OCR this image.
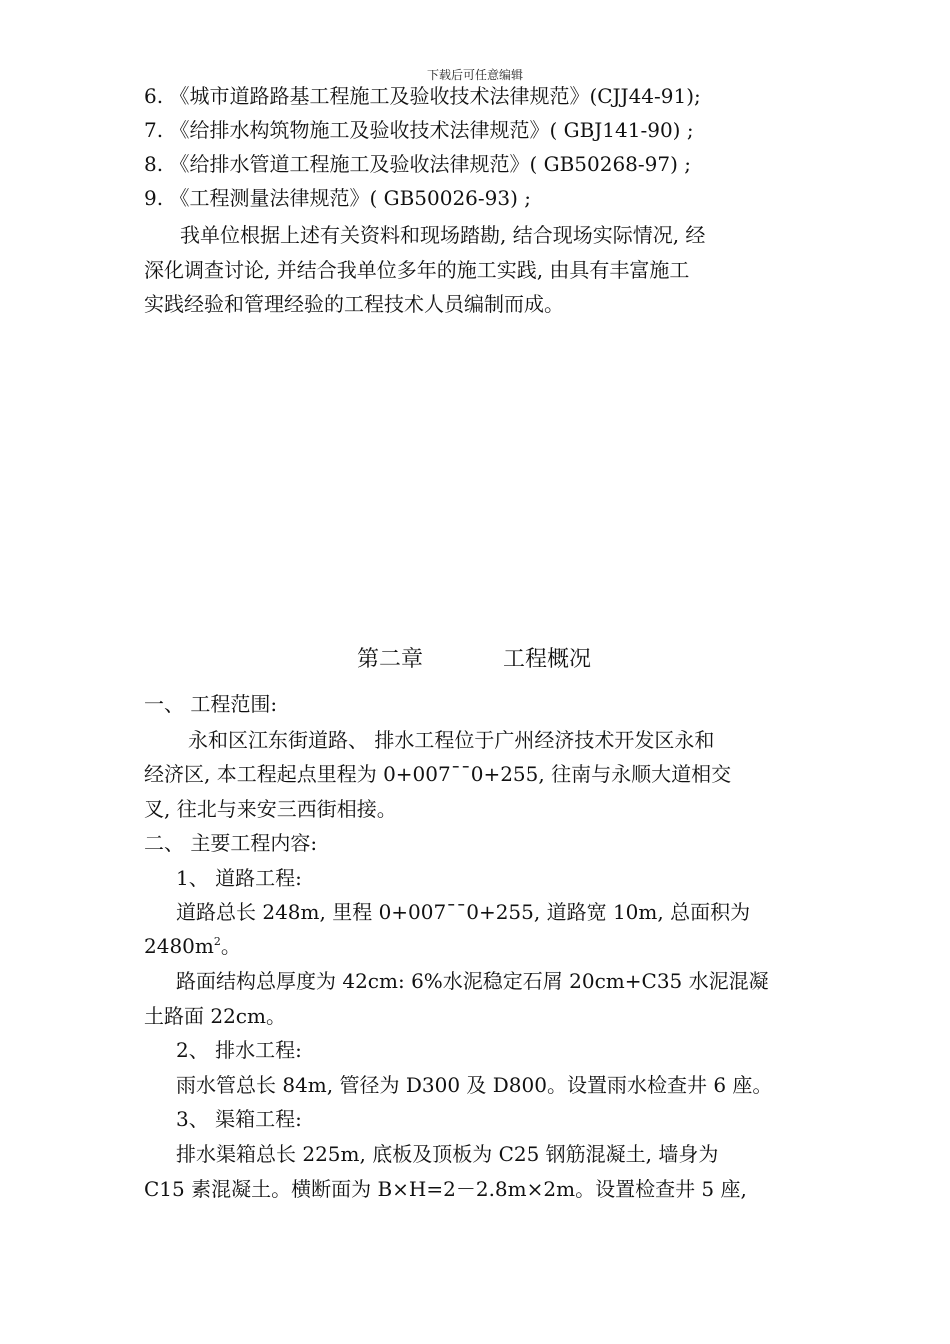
下载后可任意编辑
6. 《城市道路路基工程施工及验收技术法律规范》(CJJ44-91);
7. 《给排水构筑物施工及验收技术法律规范》( GBJ141-90) ;
8. 《给排水管道工程施工及验收法律规范》( GB50268-97) ;
9. 《工程测量法律规范》( GB50026-93) ;
我单位根据上述有关资料和现场踏勘, 结合现场实际情况, 经
深化调查讨论, 并结合我单位多年的施工实践, 由具有丰富施工
实践经验和管理经验的工程技术人员编制而成。
第二章	工程概况
一、 工程范围:
永和区江东街道路、 排水工程位于广州经济技术开发区永和
经济区, 本工程起点里程为 0+007¯¯0+255, 往南与永顺大道相交
叉, 往北与来安三西街相接。
二、 主要工程内容:
1、 道路工程:
道路总长 248m, 里程 0+007¯¯0+255, 道路宽 10m, 总面积为
$2480m^2$。
路面结构总厚度为 42cm: 6%水泥稳定石屑 20cm+C35 水泥混凝
土路面 22cm。
2、 排水工程:
雨水管总长 84m, 管径为 D300 及 D800。设置雨水检查井 6 座。
3、 渠箱工程:
排水渠箱总长 225m, 底板及顶板为 C25 钢筋混凝土, 墙身为
C15 素混凝土。横断面为 B×H=2－2.8m×2m。设置检查井 5 座,
